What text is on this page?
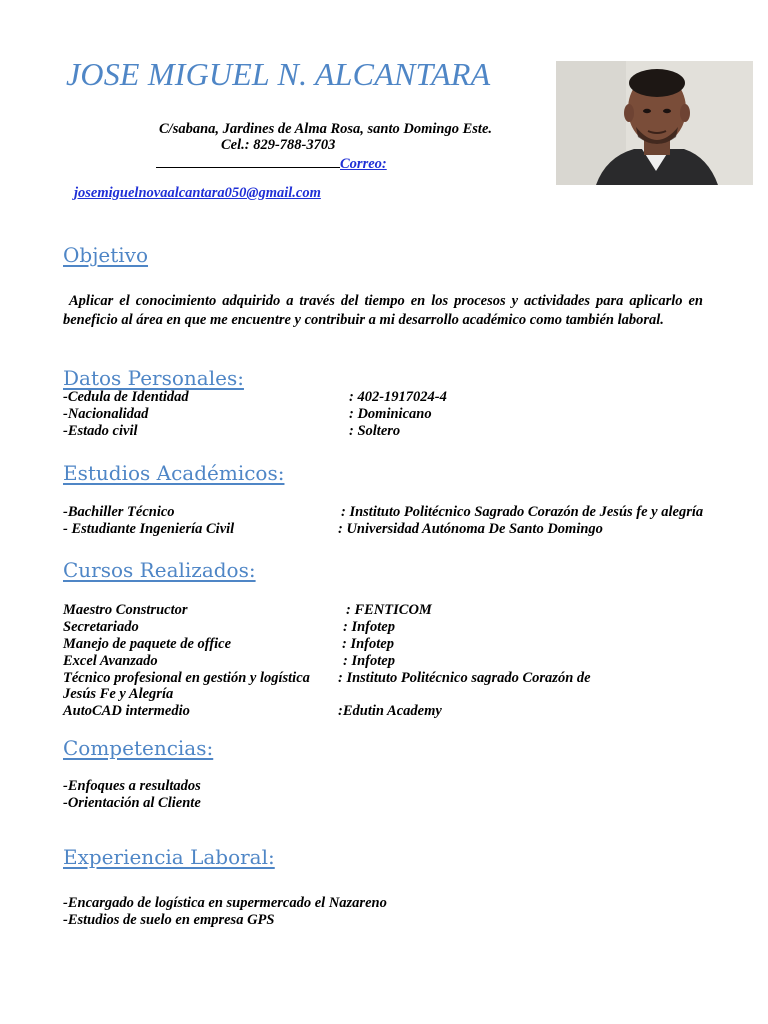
JOSE MIGUEL N. ALCANTARA
C/sabana, Jardines de Alma Rosa, santo Domingo Este.
Cel.: 829-788-3703
Correo:
josemiguelnovaalcantara050@gmail.com
Objetivo
Aplicar el conocimiento adquirido a través del tiempo en los procesos y actividades para aplicarlo en beneficio al área en que me encuentre y contribuir a mi desarrollo académico como también laboral.
Datos Personales:
-Cedula de Identidad	: 402-1917024-4
-Nacionalidad	: Dominicano
-Estado civil	: Soltero
Estudios Académicos:
-Bachiller Técnico	: Instituto Politécnico Sagrado Corazón de Jesús fe y alegría
- Estudiante Ingeniería Civil	: Universidad Autónoma De Santo Domingo
Cursos Realizados:
Maestro Constructor	: FENTICOM
Secretariado	: Infotep
Manejo de paquete de office	: Infotep
Excel Avanzado	: Infotep
Técnico profesional en gestión y logística : Instituto Politécnico sagrado Corazón de
Jesús Fe y Alegría
AutoCAD intermedio	:Edutin Academy
Competencias:
-Enfoques a resultados
-Orientación al Cliente
Experiencia Laboral:
-Encargado de logística en supermercado el Nazareno
-Estudios de suelo en empresa GPS
